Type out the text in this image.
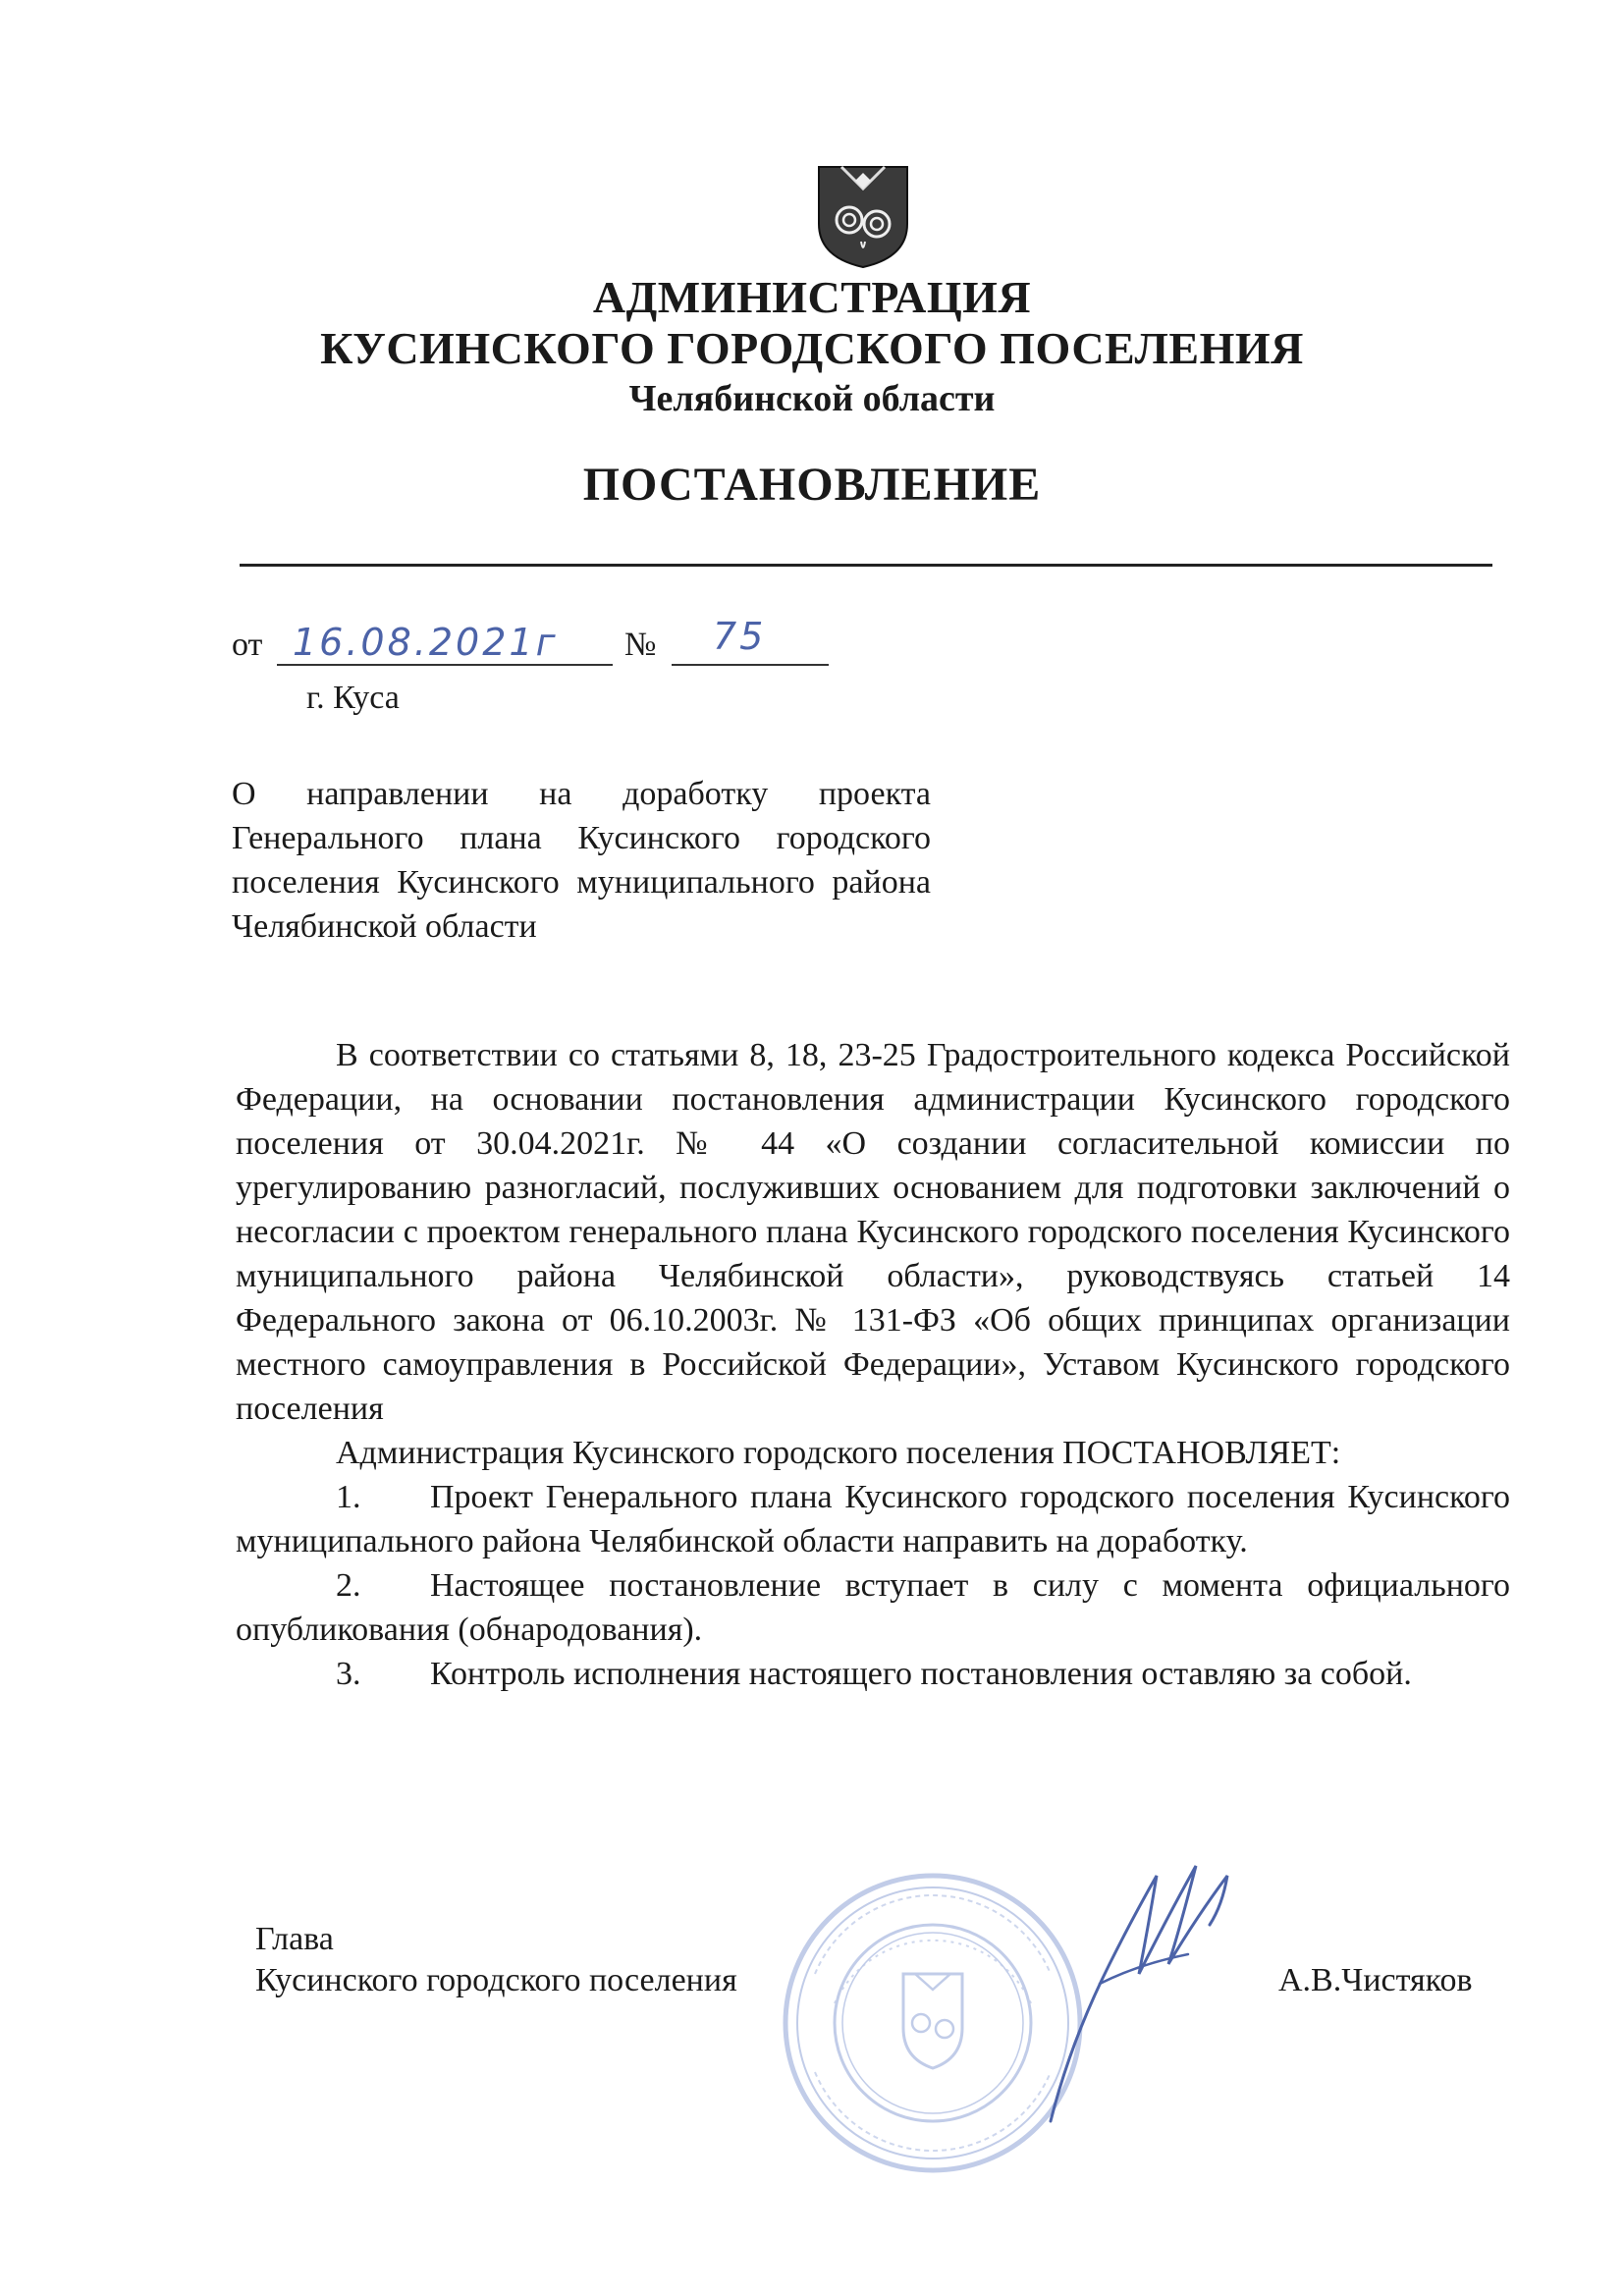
АДМИНИСТРАЦИЯ
КУСИНСКОГО ГОРОДСКОГО ПОСЕЛЕНИЯ
Челябинской области
ПОСТАНОВЛЕНИЕ
от 16.08.2021г № 75
г. Куса
О направлении на доработку проекта Генерального плана Кусинского городского поселения Кусинского муниципального района Челябинской области

В соответствии со статьями 8, 18, 23-25 Градостроительного кодекса Российской Федерации, на основании постановления администрации Кусинского городского поселения от 30.04.2021г. № 44 «О создании согласительной комиссии по урегулированию разногласий, послуживших основанием для подготовки заключений о несогласии с проектом генерального плана Кусинского городского поселения Кусинского муниципального района Челябинской области», руководствуясь статьей 14 Федерального закона от 06.10.2003г. № 131-ФЗ «Об общих принципах организации местного самоуправления в Российской Федерации», Уставом Кусинского городского поселения

Администрация Кусинского городского поселения ПОСТАНОВЛЯЕТ:

1. Проект Генерального плана Кусинского городского поселения Кусинского муниципального района Челябинской области направить на доработку.

2. Настоящее постановление вступает в силу с момента официального опубликования (обнародования).

3. Контроль исполнения настоящего постановления оставляю за собой.

Глава
Кусинского городского поселения	А.В.Чистяков
